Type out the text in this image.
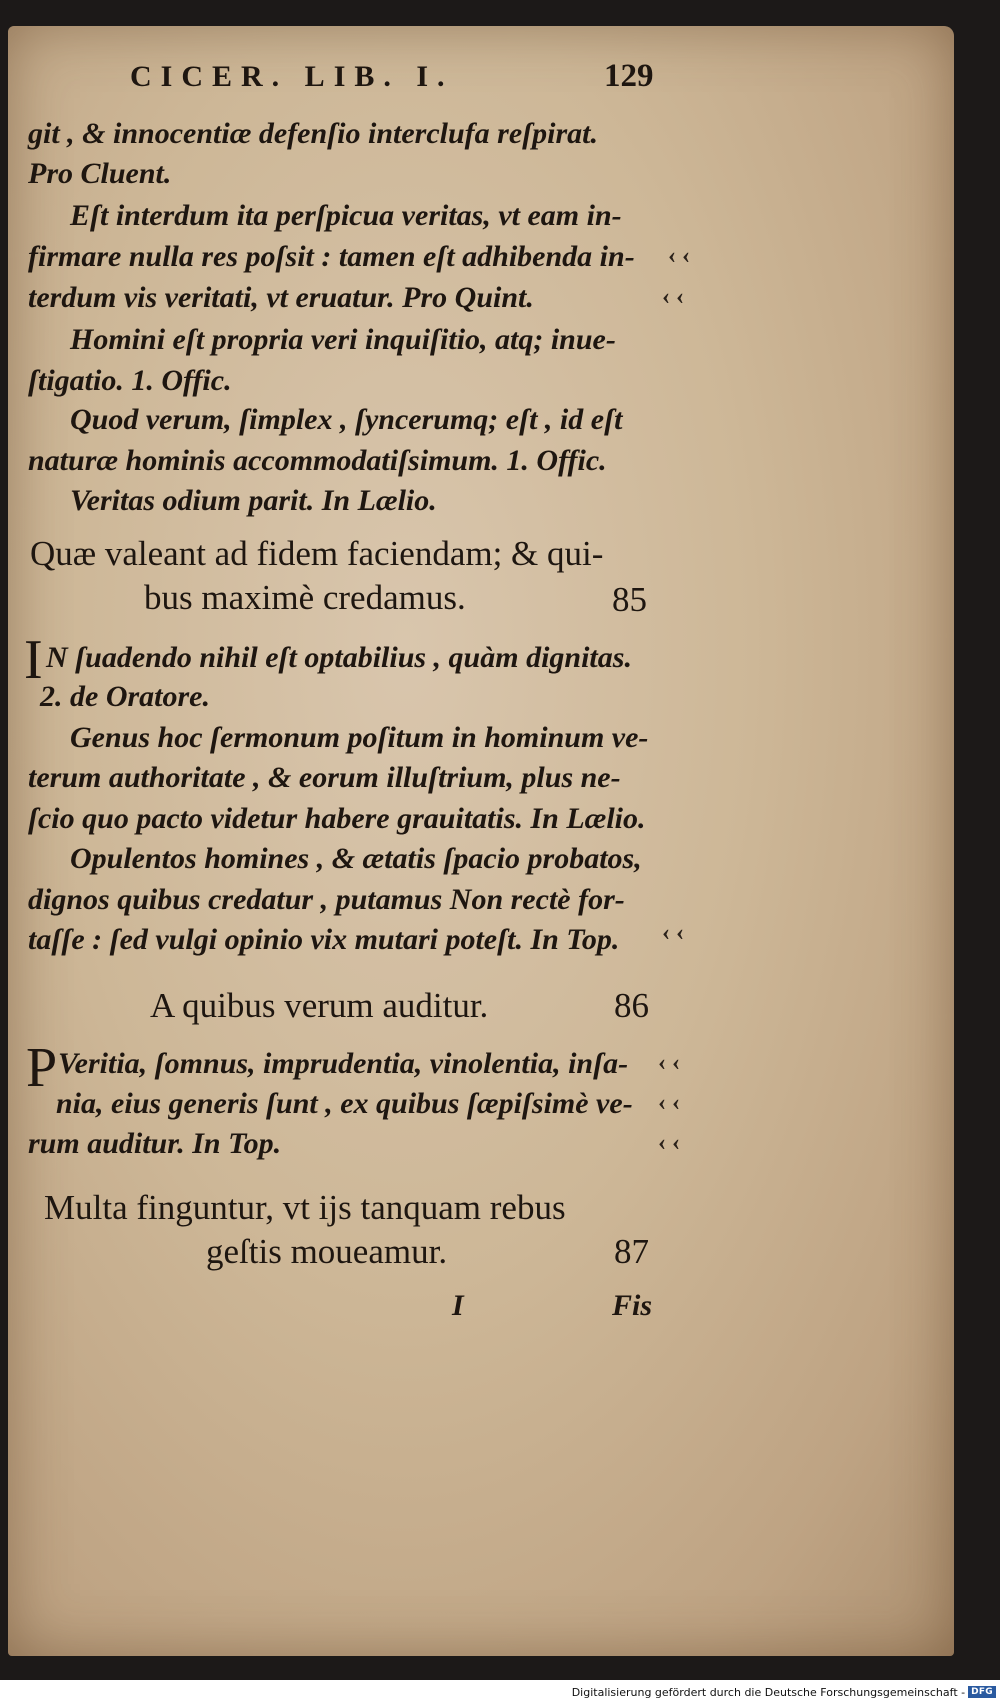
CICER. LIB. I.	129
git , & innocentiæ defenſio interclufa reſpirat.
Pro Cluent.
Eſt interdum ita perſpicua veritas, vt eam in-
firmare nulla res poſsit : tamen eſt adhibenda in-
terdum vis veritati, vt eruatur. Pro Quint.
Homini eſt propria veri inquiſitio, atq; inue-
ſtigatio. 1. Offic.
Quod verum, ſimplex , ſyncerumq; eſt , id eſt
naturæ hominis accommodatiſsimum. 1. Offic.
Veritas odium parit. In Lælio.
Quæ valeant ad fidem faciendam; & qui-
bus maximè credamus.	85
I N ſuadendo nihil eſt optabilius , quàm dignitas.
2. de Oratore.
Genus hoc ſermonum poſitum in hominum ve-
terum authoritate , & eorum illuſtrium, plus ne-
ſcio quo pacto videtur habere grauitatis. In Lælio.
Opulentos homines , & ætatis ſpacio probatos,
dignos quibus credatur , putamus Non rectè for-
taſſe : ſed vulgi opinio vix mutari poteſt. In Top.
A quibus verum auditur.	86
P Veritia, ſomnus, imprudentia, vinolentia, inſa-
nia, eius generis ſunt , ex quibus ſæpiſsimè ve-
rum auditur. In Top.
Multa finguntur, vt ijs tanquam rebus
geſtis moueamur.	87
I	Fis
‹ ‹
‹ ‹
‹ ‹
‹ ‹
‹ ‹
‹ ‹
Digitalisierung gefördert durch die Deutsche Forschungsgemeinschaft - DFG
